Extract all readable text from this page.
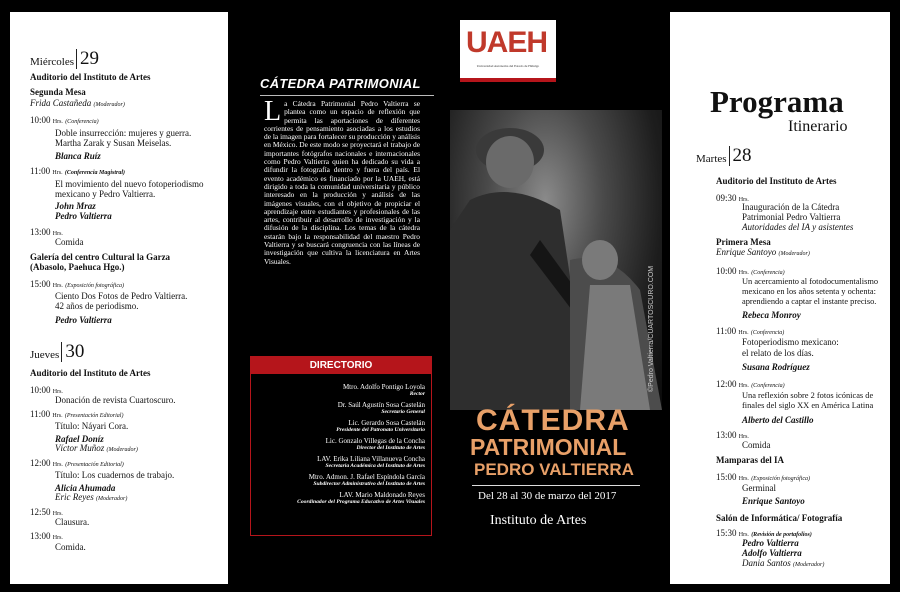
Miércoles 29
Auditorio del Instituto de Artes
Segunda Mesa
Frida Castañeda (Moderador)
10:00 Hrs. (Conferencia)
Doble insurrección: mujeres y guerra.
Martha Zarak y Susan Meiselas.
Blanca Ruíz
11:00 Hrs. (Conferencia Magistral)
El movimiento del nuevo fotoperiodismo
mexicano y Pedro Valtierra.
John Mraz
Pedro Valtierra
13:00 Hrs.
Comida
Galería del centro Cultural la Garza
(Abasolo, Paehuca Hgo.)
15:00 Hrs. (Exposición fotográfica)
Ciento Dos Fotos de Pedro Valtierra.
42 años de periodismo.
Pedro Valtierra
Jueves 30
Auditorio del Instituto de Artes
10:00 Hrs.
Donación de revista Cuartoscuro.
11:00 Hrs. (Presentación Editorial)
Título: Náyari Cora.
Rafael Doníz
Víctor Muñoz (Moderador)
12:00 Hrs. (Presentación Editorial)
Título: Los cuadernos de trabajo.
Alicia Ahumada
Eric Reyes (Moderador)
12:50 Hrs.
Clausura.
13:00 Hrs.
Comida.
CÁTEDRA PATRIMONIAL
La Cátedra Patrimonial Pedro Valtierra se plantea como un espacio de reflexión que permita las aportaciones de diferentes corrientes de pensamiento asociadas a los estudios de la imagen para fortalecer su producción y análisis en México. De este modo se proyectará el trabajo de importantes fotógrafos nacionales e internacionales como Pedro Valtierra quien ha dedicado su vida a difundir la fotografía dentro y fuera del país. El evento académico es financiado por la UAEH, está dirigido a toda la comunidad universitaria y público interesado en la producción y análisis de las imágenes visuales, con el objetivo de propiciar el aprendizaje entre estudiantes y profesionales de las artes, contribuir al desarrollo de investigación y la difusión de la disciplina. Los temas de la cátedra estarán bajo la responsabilidad del maestro Pedro Valtierra y se buscará congruencia con las líneas de investigación que cultiva la licenciatura en Artes Visuales.
DIRECTORIO
Mtro. Adolfo Pontigo Loyola
Rector
Dr. Saúl Agustín Sosa Castelán
Secretario General
Lic. Gerardo Sosa Castelán
Presidente del Patronato Universitario
Lic. Gonzalo Villegas de la Concha
Director del Instituto de Artes
LAV. Erika Liliana Villanueva Concha
Secretaria Académica del Instituto de Artes
Mtro. Admon. J. Rafael Espíndola García
Subdirector Administrativo del Instituto de Artes
LAV. Mario Maldonado Reyes
Coordinador del Programa Educativo de Artes Visuales
UAEH
Universidad Autónoma del Estado de Hidalgo
©Pedro Valtierra/CUARTOSCURO.COM
CÁTEDRA
PATRIMONIAL
PEDRO VALTIERRA
Del 28 al 30 de marzo del 2017
Instituto de Artes
Programa
Itinerario
Martes 28
Auditorio del Instituto de Artes
09:30 Hrs.
Inauguración de la Cátedra
Patrimonial Pedro Valtierra
Autoridades del IA y asistentes
Primera Mesa
Enrique Santoyo (Moderador)
10:00 Hrs. (Conferencia)
Un acercamiento al fotodocumentalismo
mexicano en los años setenta y ochenta:
aprendiendo a captar el instante preciso.
Rebeca Monroy
11:00 Hrs. (Conferencia)
Fotoperiodismo mexicano:
el relato de los días.
Susana Rodríguez
12:00 Hrs. (Conferencia)
Una reflexión sobre 2 fotos icónicas de
finales del siglo XX en América Latina
Alberto del Castillo
13:00 Hrs.
Comida
Mamparas del IA
15:00 Hrs. (Exposición fotográfica)
Germinal
Enrique Santoyo
Salón de Informática/ Fotografía
15:30 Hrs. (Revisión de portafolios)
Pedro Valtierra
Adolfo Valtierra
Dania Santos (Moderador)
